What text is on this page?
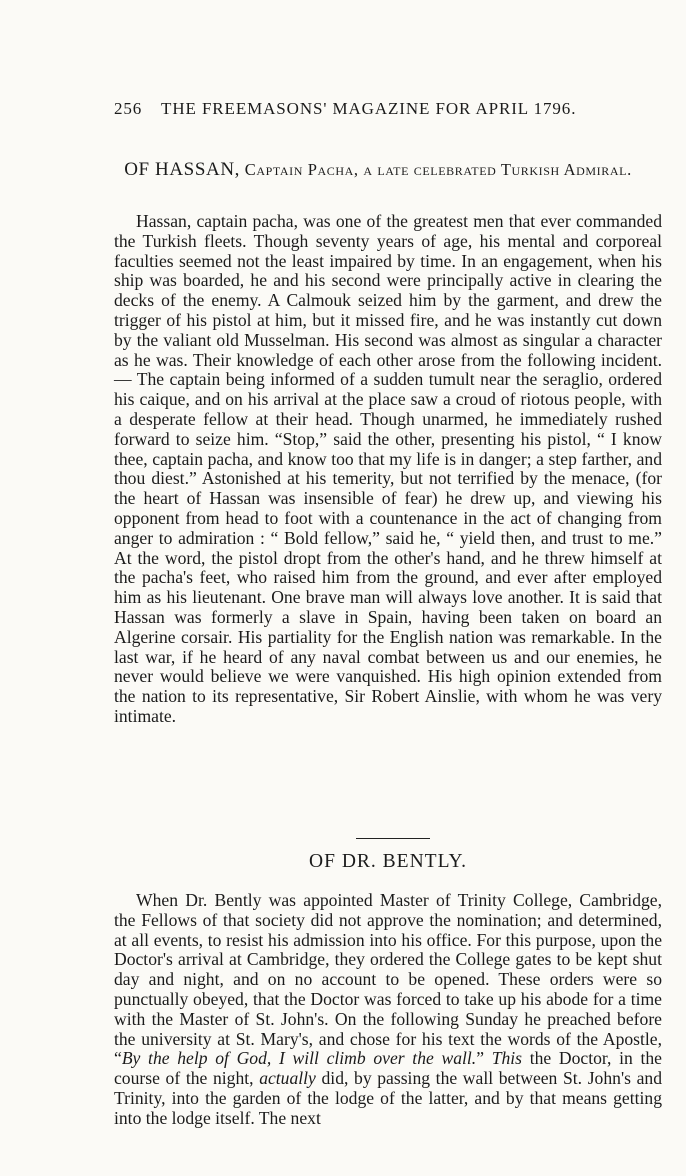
256 THE FREEMASONS' MAGAZINE FOR APRIL 1796.
OF HASSAN, Captain Pacha, a late celebrated Turkish Admiral.

Hassan, captain pacha, was one of the greatest men that ever commanded the Turkish fleets. Though seventy years of age, his mental and corporeal faculties seemed not the least impaired by time. In an engagement, when his ship was boarded, he and his second were principally active in clearing the decks of the enemy. A Calmouk seized him by the garment, and drew the trigger of his pistol at him, but it missed fire, and he was instantly cut down by the valiant old Musselman. His second was almost as singular a character as he was. Their knowledge of each other arose from the following incident.— The captain being informed of a sudden tumult near the seraglio, ordered his caique, and on his arrival at the place saw a croud of riotous people, with a desperate fellow at their head. Though unarmed, he immediately rushed forward to seize him. “Stop,” said the other, presenting his pistol, “ I know thee, captain pacha, and know too that my life is in danger; a step farther, and thou diest.” Astonished at his temerity, but not terrified by the menace, (for the heart of Hassan was insensible of fear) he drew up, and viewing his opponent from head to foot with a countenance in the act of changing from anger to admiration : “ Bold fellow,” said he, “ yield then, and trust to me.” At the word, the pistol dropt from the other's hand, and he threw himself at the pacha's feet, who raised him from the ground, and ever after employed him as his lieutenant. One brave man will always love another. It is said that Hassan was formerly a slave in Spain, having been taken on board an Algerine corsair. His partiality for the English nation was remarkable. In the last war, if he heard of any naval combat between us and our enemies, he never would believe we were vanquished. His high opinion extended from the nation to its representative, Sir Robert Ainslie, with whom he was very intimate.

OF DR. BENTLY.

When Dr. Bently was appointed Master of Trinity College, Cambridge, the Fellows of that society did not approve the nomination; and determined, at all events, to resist his admission into his office. For this purpose, upon the Doctor's arrival at Cambridge, they ordered the College gates to be kept shut day and night, and on no account to be opened. These orders were so punctually obeyed, that the Doctor was forced to take up his abode for a time with the Master of St. John's. On the following Sunday he preached before the university at St. Mary's, and chose for his text the words of the Apostle, “By the help of God, I will climb over the wall.” This the Doctor, in the course of the night, actually did, by passing the wall between St. John's and Trinity, into the garden of the lodge of the latter, and by that means getting into the lodge itself. The next
